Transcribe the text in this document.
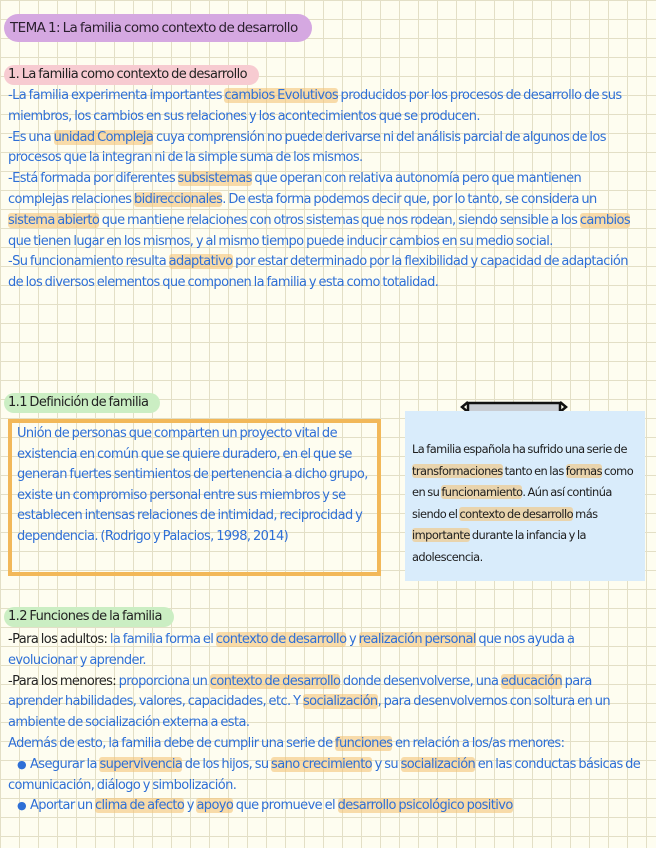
TEMA 1: La familia como contexto de desarrollo
1. La familia como contexto de desarrollo

-La familia experimenta importantes cambios Evolutivos producidos por los procesos de desarrollo de sus miembros, los cambios en sus relaciones y los acontecimientos que se producen.

-Es una unidad Compleja cuya comprensión no puede derivarse ni del análisis parcial de algunos de los procesos que la integran ni de la simple suma de los mismos.

-Está formada por diferentes subsistemas que operan con relativa autonomía pero que mantienen complejas relaciones bidireccionales. De esta forma podemos decir que, por lo tanto, se considera un sistema abierto que mantiene relaciones con otros sistemas que nos rodean, siendo sensible a los cambios que tienen lugar en los mismos, y al mismo tiempo puede inducir cambios en su medio social.

-Su funcionamiento resulta adaptativo por estar determinado por la flexibilidad y capacidad de adaptación de los diversos elementos que componen la familia y esta como totalidad.

1.1 Definición de familia
Unión de personas que comparten un proyecto vital de existencia en común que se quiere duradero, en el que se generan fuertes sentimientos de pertenencia a dicho grupo, existe un compromiso personal entre sus miembros y se establecen intensas relaciones de intimidad, reciprocidad y dependencia. (Rodrigo y Palacios, 1998, 2014)
La familia española ha sufrido una serie de transformaciones tanto en las formas como en su funcionamiento. Aún así continúa siendo el contexto de desarrollo más importante durante la infancia y la adolescencia.
1.2 Funciones de la familia

-Para los adultos: la familia forma el contexto de desarrollo y realización personal que nos ayuda a evolucionar y aprender.

-Para los menores: proporciona un contexto de desarrollo donde desenvolverse, una educación para aprender habilidades, valores, capacidades, etc. Y socialización, para desenvolvernos con soltura en un ambiente de socialización externa a esta.

Además de esto, la familia debe de cumplir una serie de funciones en relación a los/as menores:

● Asegurar la supervivencia de los hijos, su sano crecimiento y su socialización en las conductas básicas de comunicación, diálogo y simbolización.

● Aportar un clima de afecto y apoyo que promueve el desarrollo psicológico positivo
